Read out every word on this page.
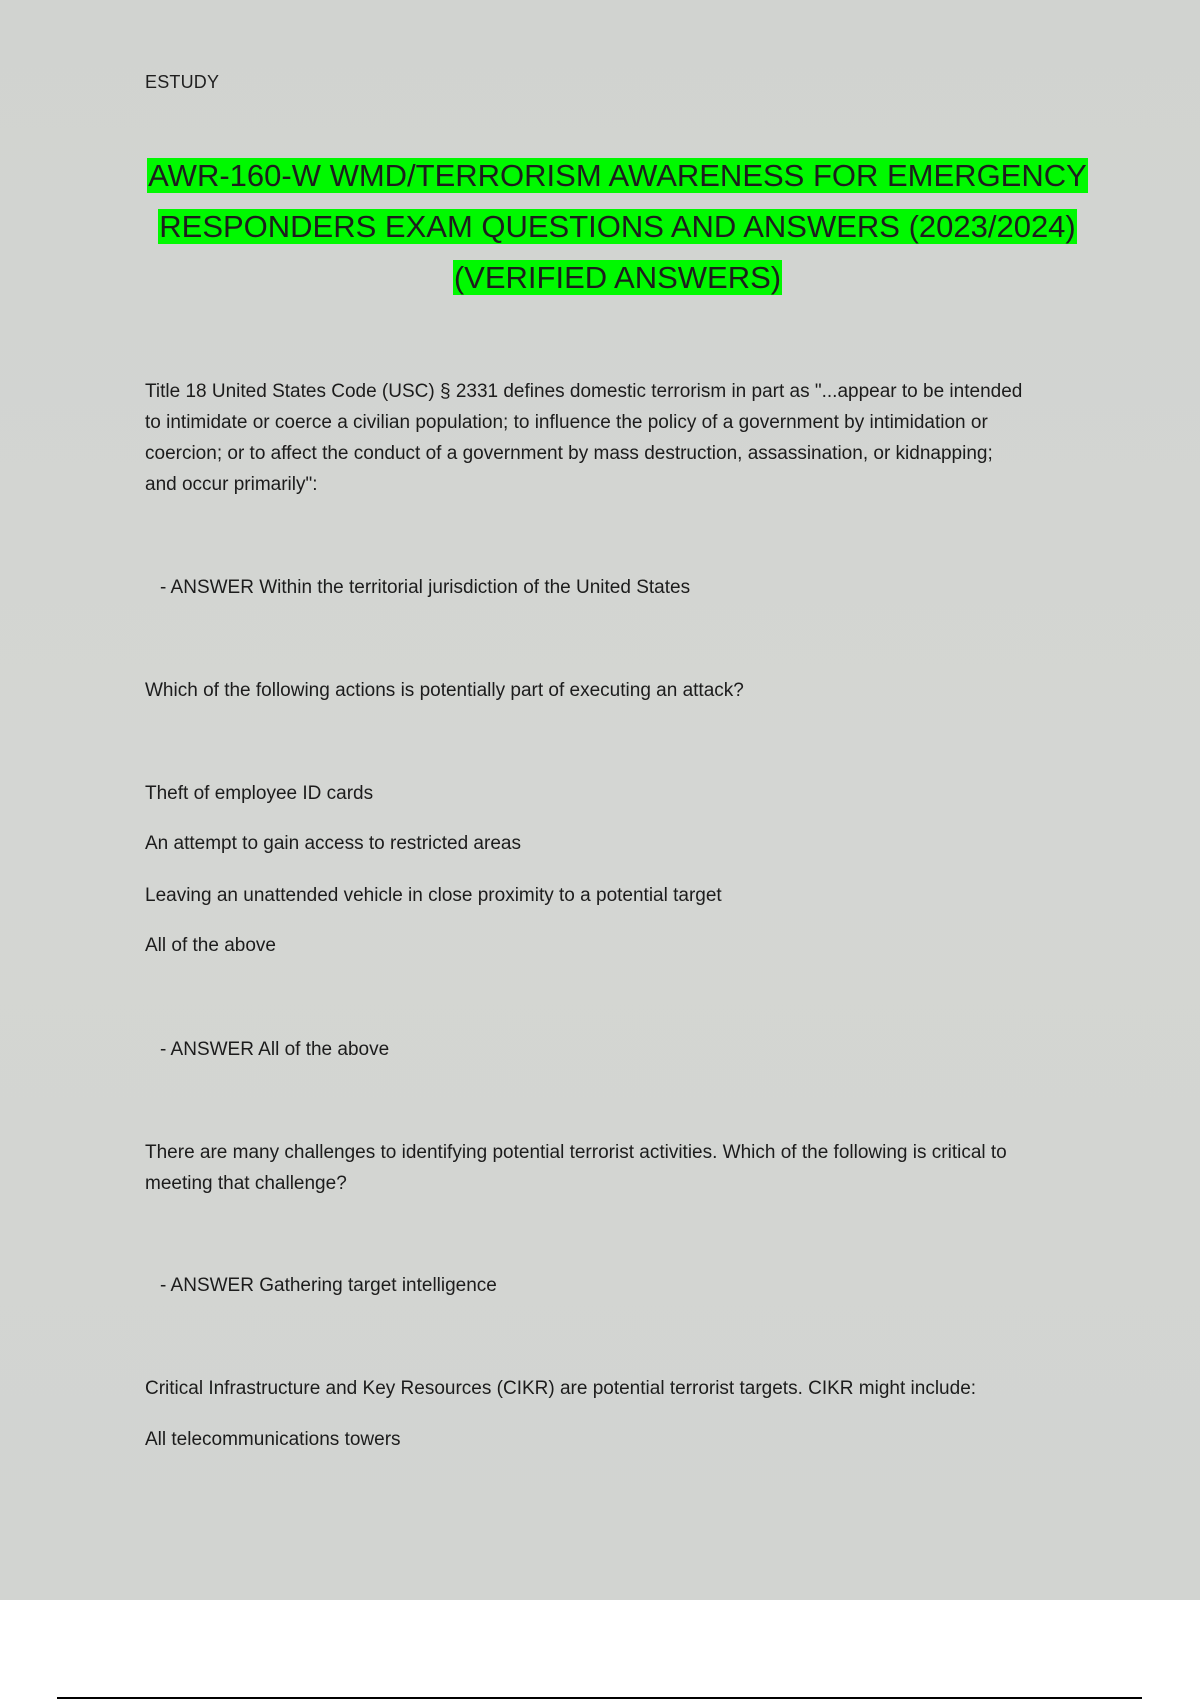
ESTUDY
AWR-160-W WMD/TERRORISM AWARENESS FOR EMERGENCY
RESPONDERS EXAM QUESTIONS AND ANSWERS (2023/2024)
(VERIFIED ANSWERS)
Title 18 United States Code (USC) § 2331 defines domestic terrorism in part as "...appear to be intended
to intimidate or coerce a civilian population; to influence the policy of a government by intimidation or
coercion; or to affect the conduct of a government by mass destruction, assassination, or kidnapping;
and occur primarily":
- ANSWER Within the territorial jurisdiction of the United States
Which of the following actions is potentially part of executing an attack?
Theft of employee ID cards
An attempt to gain access to restricted areas
Leaving an unattended vehicle in close proximity to a potential target
All of the above
- ANSWER All of the above
There are many challenges to identifying potential terrorist activities. Which of the following is critical to
meeting that challenge?
- ANSWER Gathering target intelligence
Critical Infrastructure and Key Resources (CIKR) are potential terrorist targets. CIKR might include:
All telecommunications towers
